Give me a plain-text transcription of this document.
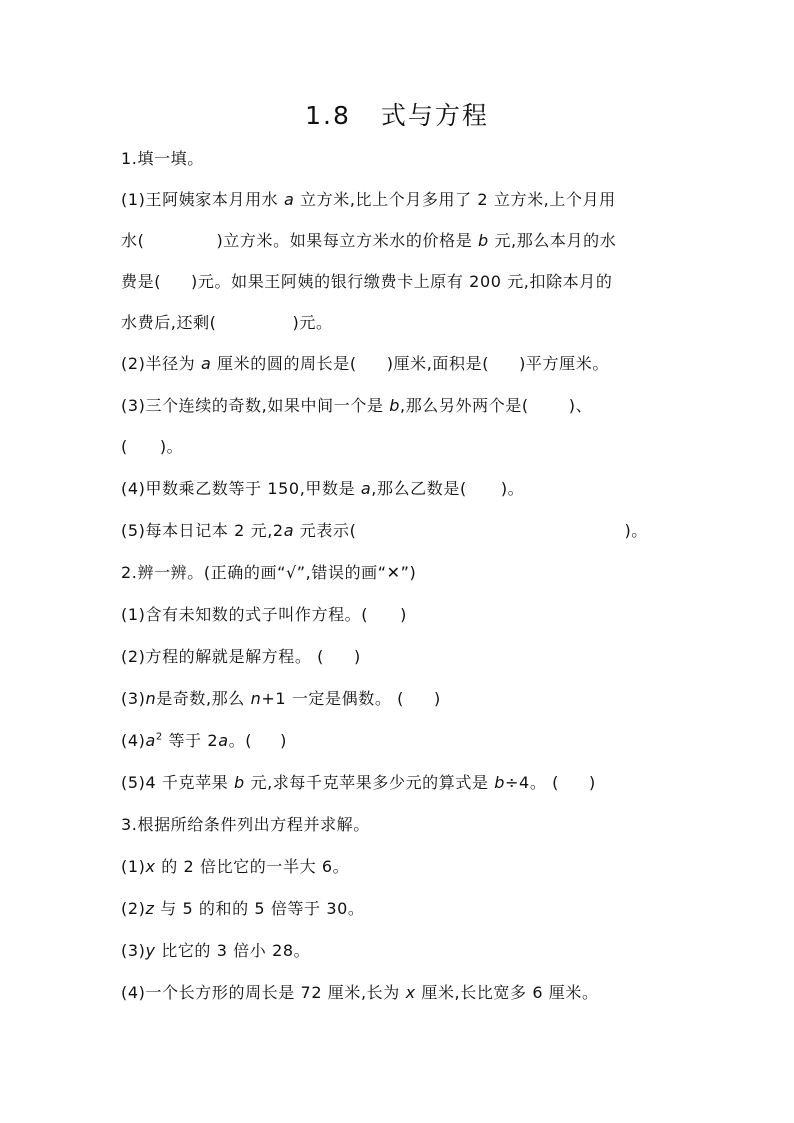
1.8 式与方程
1.填一填。
(1)王阿姨家本月用水 a 立方米,比上个月多用了 2 立方米,上个月用
水(	)立方米。如果每立方米水的价格是 b 元,那么本月的水
费是( )元。如果王阿姨的银行缴费卡上原有 200 元,扣除本月的
水费后,还剩(	)元。
(2)半径为 a 厘米的圆的周长是( )厘米,面积是( )平方厘米。
(3)三个连续的奇数,如果中间一个是 b,那么另外两个是(	)、
( )。
(4)甲数乘乙数等于 150,甲数是 a,那么乙数是( )。
(5)每本日记本 2 元,2a 元表示(	)。
2.辨一辨。(正确的画“√”,错误的画“✕”)
(1)含有未知数的式子叫作方程。( )
(2)方程的解就是解方程。 ( )
(3)n是奇数,那么 n+1 一定是偶数。 ( )
$(4)a^2$ 等于 2a。( )
(5)4 千克苹果 b 元,求每千克苹果多少元的算式是 b÷4。 ( )
3.根据所给条件列出方程并求解。
(1)x 的 2 倍比它的一半大 6。
(2)z 与 5 的和的 5 倍等于 30。
(3)y 比它的 3 倍小 28。
(4)一个长方形的周长是 72 厘米,长为 x 厘米,长比宽多 6 厘米。
